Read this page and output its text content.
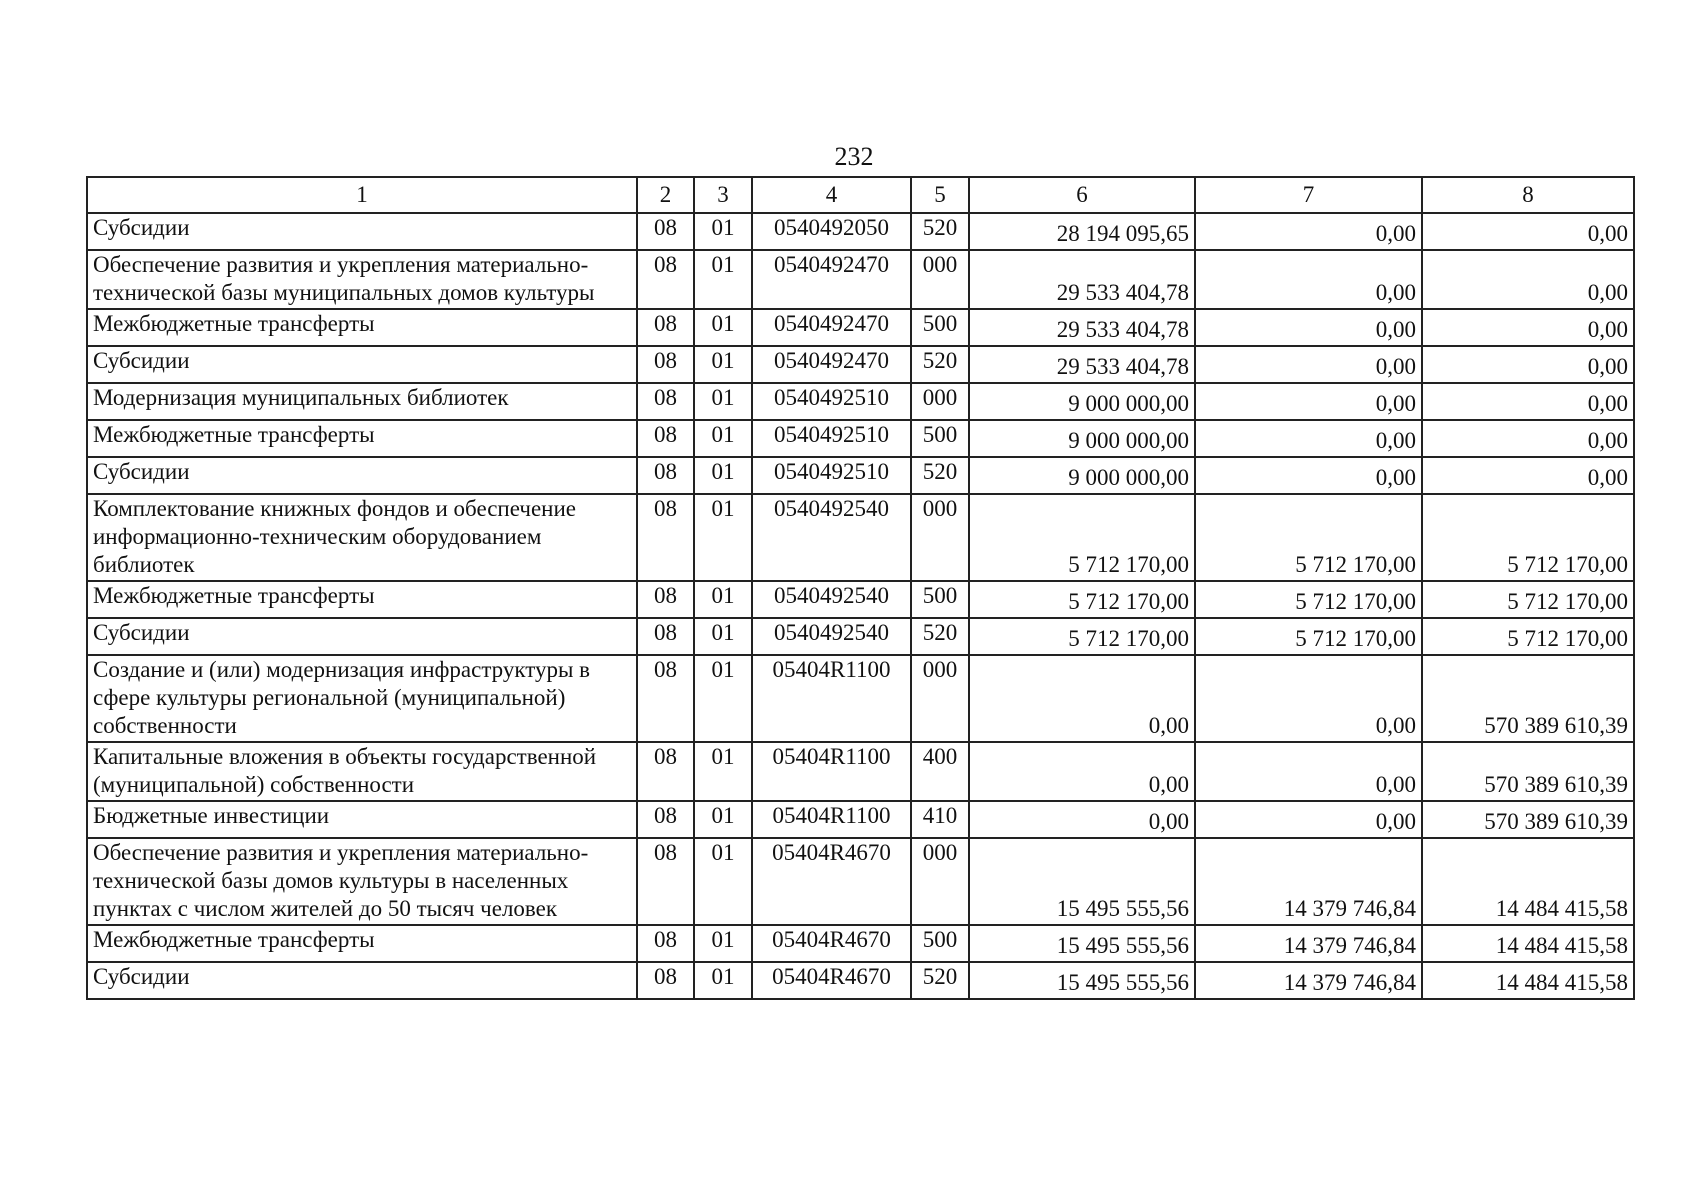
232
1	2	3	4	5	6	7	8
Субсидии	08	01	0540492050	520	28 194 095,65	0,00	0,00
Обеспечение развития и укрепления материально-технической базы муниципальных домов культуры	08	01	0540492470	000	29 533 404,78	0,00	0,00
Межбюджетные трансферты	08	01	0540492470	500	29 533 404,78	0,00	0,00
Субсидии	08	01	0540492470	520	29 533 404,78	0,00	0,00
Модернизация муниципальных библиотек	08	01	0540492510	000	9 000 000,00	0,00	0,00
Межбюджетные трансферты	08	01	0540492510	500	9 000 000,00	0,00	0,00
Субсидии	08	01	0540492510	520	9 000 000,00	0,00	0,00
Комплектование книжных фондов и обеспечение информационно-техническим оборудованием библиотек	08	01	0540492540	000	5 712 170,00	5 712 170,00	5 712 170,00
Межбюджетные трансферты	08	01	0540492540	500	5 712 170,00	5 712 170,00	5 712 170,00
Субсидии	08	01	0540492540	520	5 712 170,00	5 712 170,00	5 712 170,00
Создание и (или) модернизация инфраструктуры в сфере культуры региональной (муниципальной) собственности	08	01	05404R1100	000	0,00	0,00	570 389 610,39
Капитальные вложения в объекты государственной (муниципальной) собственности	08	01	05404R1100	400	0,00	0,00	570 389 610,39
Бюджетные инвестиции	08	01	05404R1100	410	0,00	0,00	570 389 610,39
Обеспечение развития и укрепления материально-технической базы домов культуры в населенных пунктах с числом жителей до 50 тысяч человек	08	01	05404R4670	000	15 495 555,56	14 379 746,84	14 484 415,58
Межбюджетные трансферты	08	01	05404R4670	500	15 495 555,56	14 379 746,84	14 484 415,58
Субсидии	08	01	05404R4670	520	15 495 555,56	14 379 746,84	14 484 415,58
